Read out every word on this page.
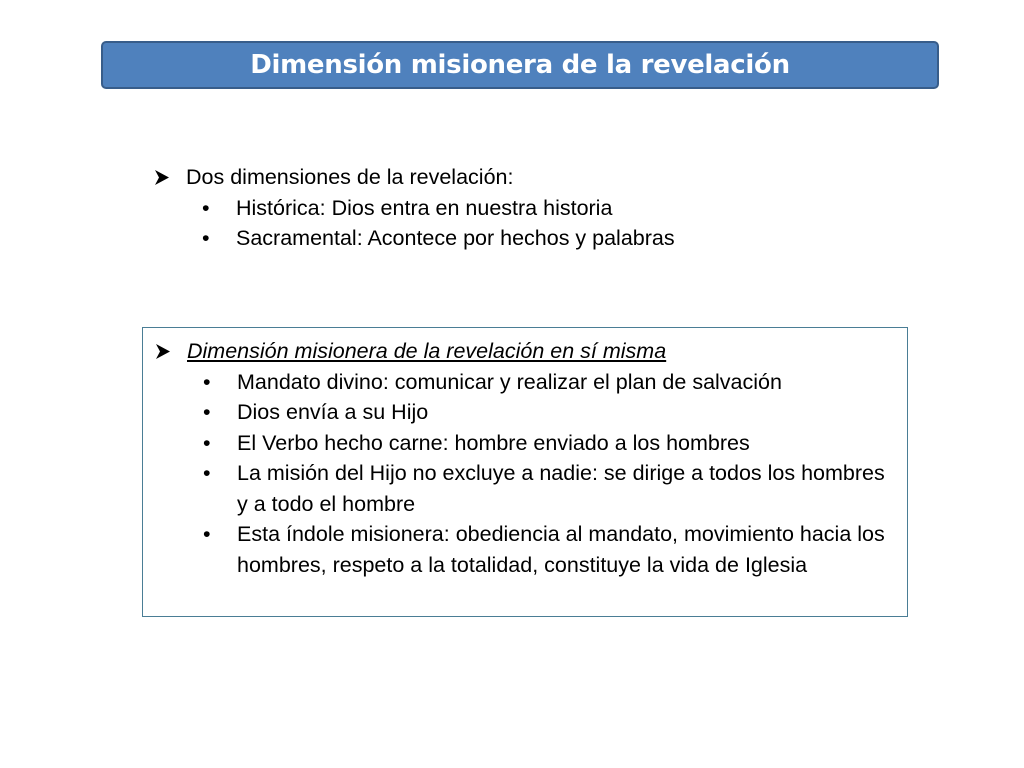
Dimensión misionera de la revelación
Dos dimensiones de la revelación:
•	Histórica: Dios entra en nuestra historia
•	Sacramental: Acontece por hechos y palabras
Dimensión misionera de la revelación en sí misma
•	Mandato divino: comunicar y realizar el plan de salvación
•	Dios envía a su Hijo
•	El Verbo hecho carne: hombre enviado a los hombres
•	La misión del Hijo no excluye a nadie: se dirige a todos los hombres y a todo el hombre
•	Esta índole misionera: obediencia al mandato, movimiento hacia los hombres, respeto a la totalidad, constituye la vida de Iglesia
